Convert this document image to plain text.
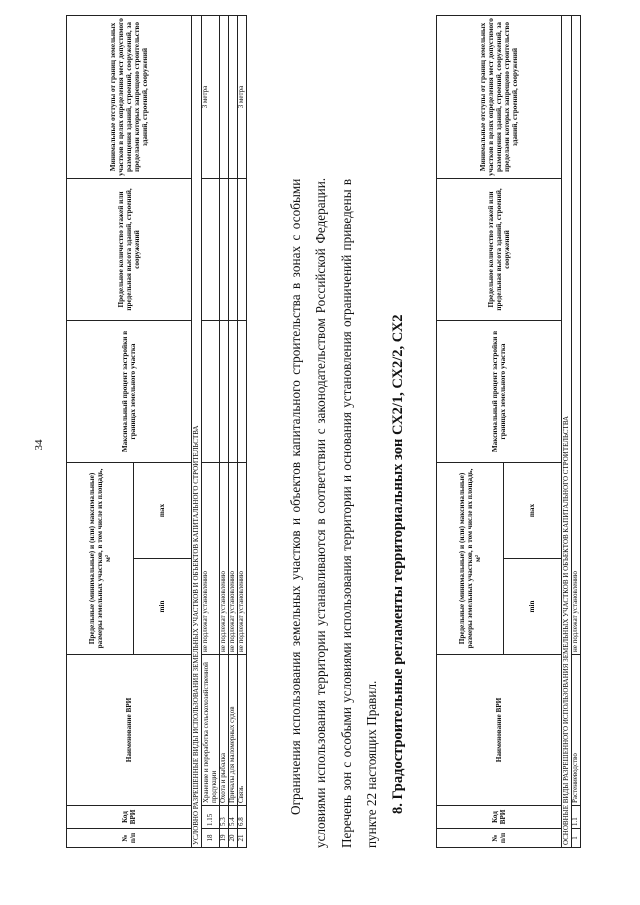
34
№ п/п	Код ВРИ	Наименование ВРИ	Предельные (минимальные) и (или) максимальные) размеры земельных участков, в том числе их площадь, м²		Максимальный процент застройки в границах земельного участка	Предельное количество этажей или предельная высота зданий, строений, сооружений	Минимальные отступы от границ земельных участков в целях определения мест допустимого размещения зданий, строений, сооружений, за пределами которых запрещено строительство зданий, строений, сооружений
			min	max			
УСЛОВНО РАЗРЕШЕННЫЕ ВИДЫ ИСПОЛЬЗОВАНИЯ ЗЕМЕЛЬНЫХ УЧАСТКОВ И ОБЪЕКТОВ КАПИТАЛЬНОГО СТРОИТЕЛЬСТВА							
18	1.15	Хранение и переработка сельскохозяйственной продукции	не подлежат установлению				3 метра
19	5.3	Охота и рыбалка	не подлежат установлению				
20	5.4	Причалы для маломерных судов	не подлежат установлению				
21	6.8	Связь	не подлежат установлению				3 метра
Ограничения использования земельных участков и объектов капитального строительства в зонах с особыми условиями использования территории устанавливаются в соответствии с законодательством Российской Федерации. Перечень зон с особыми условиями использования территории и основания установления ограничений приведены в пункте 22 настоящих Правил. 8. Градостроительные регламенты территориальных зон СХ2/1, СХ2/2, СХ2
№ п/п	Код ВРИ	Наименование ВРИ	Предельные (минимальные) и (или) максимальные) размеры земельных участков, в том числе их площадь, м²		Максимальный процент застройки в границах земельного участка	Предельное количество этажей или предельная высота зданий, строений, сооружений	Минимальные отступы от границ земельных участков в целях определения мест допустимого размещения зданий, строений, сооружений, за пределами которых запрещено строительство зданий, строений, сооружений
			min	max			
ОСНОВНЫЕ ВИДЫ РАЗРЕШЕННОГО ИСПОЛЬЗОВАНИЯ ЗЕМЕЛЬНЫХ УЧАСТКОВ И ОБЪЕКТОВ КАПИТАЛЬНОГО СТРОИТЕЛЬСТВА							
1	1.1	Растениеводство	не подлежат установлению				
